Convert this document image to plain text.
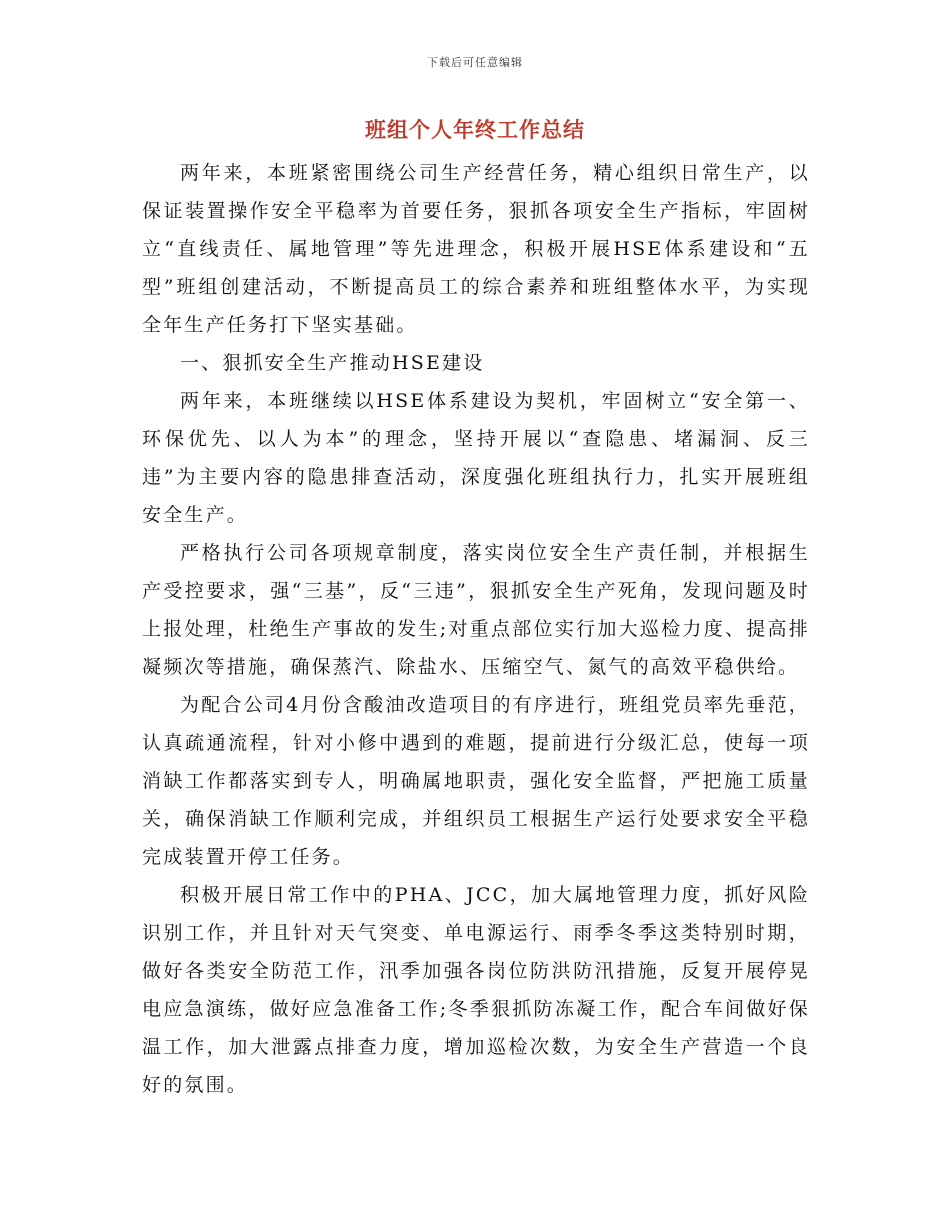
下载后可任意编辑
班组个人年终工作总结

两年来，本班紧密围绕公司生产经营任务，精心组织日常生产，以保证装置操作安全平稳率为首要任务，狠抓各项安全生产指标，牢固树立“直线责任、属地管理”等先进理念，积极开展HSE体系建设和“五型”班组创建活动，不断提高员工的综合素养和班组整体水平，为实现全年生产任务打下坚实基础。

一、狠抓安全生产推动HSE建设

两年来，本班继续以HSE体系建设为契机，牢固树立“安全第一、环保优先、以人为本”的理念，坚持开展以“查隐患、堵漏洞、反三违”为主要内容的隐患排查活动，深度强化班组执行力，扎实开展班组安全生产。

严格执行公司各项规章制度，落实岗位安全生产责任制，并根据生产受控要求，强“三基”，反“三违”，狠抓安全生产死角，发现问题及时上报处理，杜绝生产事故的发生;对重点部位实行加大巡检力度、提高排凝频次等措施，确保蒸汽、除盐水、压缩空气、氮气的高效平稳供给。

为配合公司4月份含酸油改造项目的有序进行，班组党员率先垂范，认真疏通流程，针对小修中遇到的难题，提前进行分级汇总，使每一项消缺工作都落实到专人，明确属地职责，强化安全监督，严把施工质量关，确保消缺工作顺利完成，并组织员工根据生产运行处要求安全平稳完成装置开停工任务。

积极开展日常工作中的PHA、JCC，加大属地管理力度，抓好风险识别工作，并且针对天气突变、单电源运行、雨季冬季这类特别时期，做好各类安全防范工作，汛季加强各岗位防洪防汛措施，反复开展停晃电应急演练，做好应急准备工作;冬季狠抓防冻凝工作，配合车间做好保温工作，加大泄露点排查力度，增加巡检次数，为安全生产营造一个良好的氛围。
